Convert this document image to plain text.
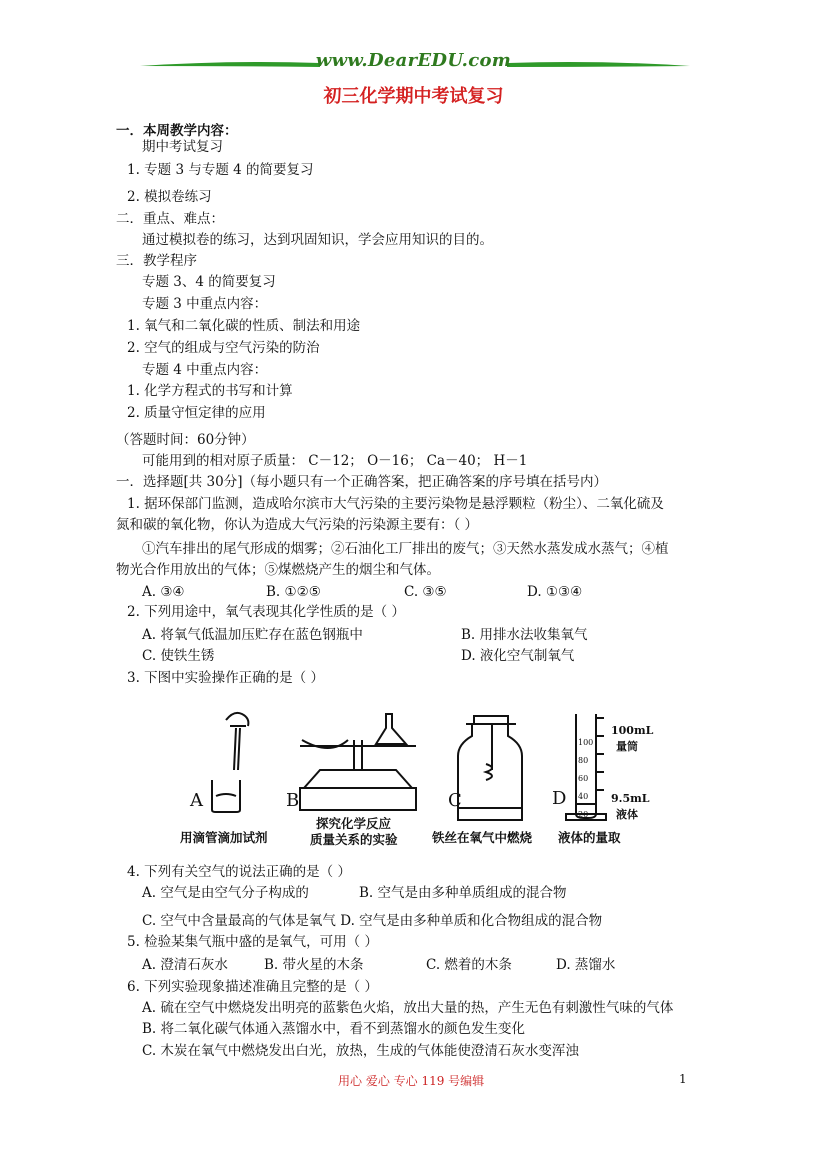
www.DearEDU.com
初三化学期中考试复习
一．本周教学内容：
期中考试复习
1. 专题 3 与专题 4 的简要复习
2. 模拟卷练习
二．重点、难点：
通过模拟卷的练习，达到巩固知识，学会应用知识的目的。
三．教学程序
专题 3、4 的简要复习
专题 3 中重点内容：
1. 氧气和二氧化碳的性质、制法和用途
2. 空气的组成与空气污染的防治
专题 4 中重点内容：
1. 化学方程式的书写和计算
2. 质量守恒定律的应用
（答题时间：60分钟）
可能用到的相对原子质量： C－12； O－16； Ca－40； H－1
一．选择题[共 30分]（每小题只有一个正确答案，把正确答案的序号填在括号内）
1. 据环保部门监测，造成哈尔滨市大气污染的主要污染物是悬浮颗粒（粉尘）、二氧化硫及
氮和碳的氧化物，你认为造成大气污染的污染源主要有：（ ）
①汽车排出的尾气形成的烟雾；②石油化工厂排出的废气；③天然水蒸发成水蒸气；④植
物光合作用放出的气体；⑤煤燃烧产生的烟尘和气体。
A. ③④	B. ①②⑤	C. ③⑤	D. ①③④
2. 下列用途中，氧气表现其化学性质的是（ ）
A. 将氧气低温加压贮存在蓝色钢瓶中	B. 用排水法收集氧气
C. 使铁生锈	D. 液化空气制氧气
3. 下图中实验操作正确的是（ ）
A	B	C	D
100mL
量筒
9.5mL
液体
100
80
60
40
20
用滴管滴加试剂
探究化学反应
质量关系的实验	铁丝在氧气中燃烧 液体的量取
4. 下列有关空气的说法正确的是（ ）
A. 空气是由空气分子构成的	B. 空气是由多种单质组成的混合物
C. 空气中含量最高的气体是氧气 D. 空气是由多种单质和化合物组成的混合物
5. 检验某集气瓶中盛的是氧气，可用（ ）
A. 澄清石灰水	B. 带火星的木条	C. 燃着的木条	D. 蒸馏水
6. 下列实验现象描述准确且完整的是（ ）
A. 硫在空气中燃烧发出明亮的蓝紫色火焰，放出大量的热，产生无色有刺激性气味的气体
B. 将二氧化碳气体通入蒸馏水中，看不到蒸馏水的颜色发生变化
C. 木炭在氧气中燃烧发出白光，放热，生成的气体能使澄清石灰水变浑浊
用心 爱心 专心 119 号编辑	1
